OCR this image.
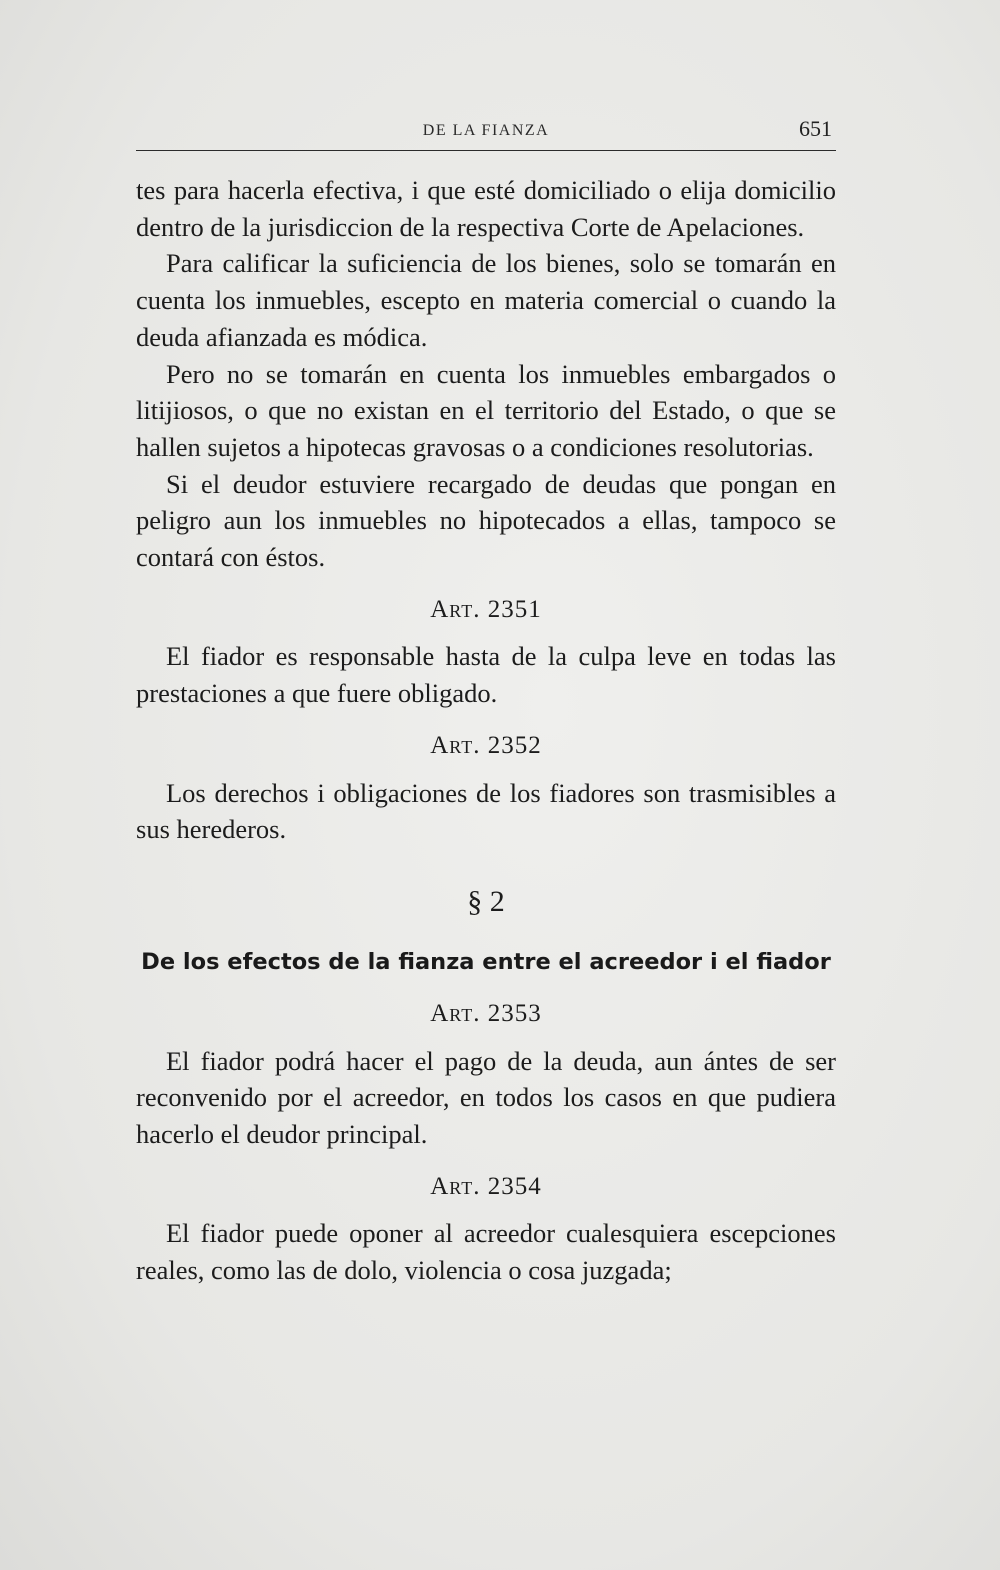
DE LA FIANZA	651

tes para hacerla efectiva, i que esté domiciliado o elija domicilio dentro de la jurisdiccion de la respectiva Corte de Apelaciones.

Para calificar la suficiencia de los bienes, solo se tomarán en cuenta los inmuebles, escepto en materia comercial o cuando la deuda afianzada es módica.

Pero no se tomarán en cuenta los inmuebles embargados o litijiosos, o que no existan en el territorio del Estado, o que se hallen sujetos a hipotecas gravosas o a condiciones resolutorias.

Si el deudor estuviere recargado de deudas que pongan en peligro aun los inmuebles no hipotecados a ellas, tampoco se contará con éstos.

Art. 2351

El fiador es responsable hasta de la culpa leve en todas las prestaciones a que fuere obligado.

Art. 2352

Los derechos i obligaciones de los fiadores son trasmisibles a sus herederos.

§ 2
De los efectos de la fianza entre el acreedor i el fiador
Art. 2353

El fiador podrá hacer el pago de la deuda, aun ántes de ser reconvenido por el acreedor, en todos los casos en que pudiera hacerlo el deudor principal.

Art. 2354

El fiador puede oponer al acreedor cualesquiera escepciones reales, como las de dolo, violencia o cosa juzgada;
